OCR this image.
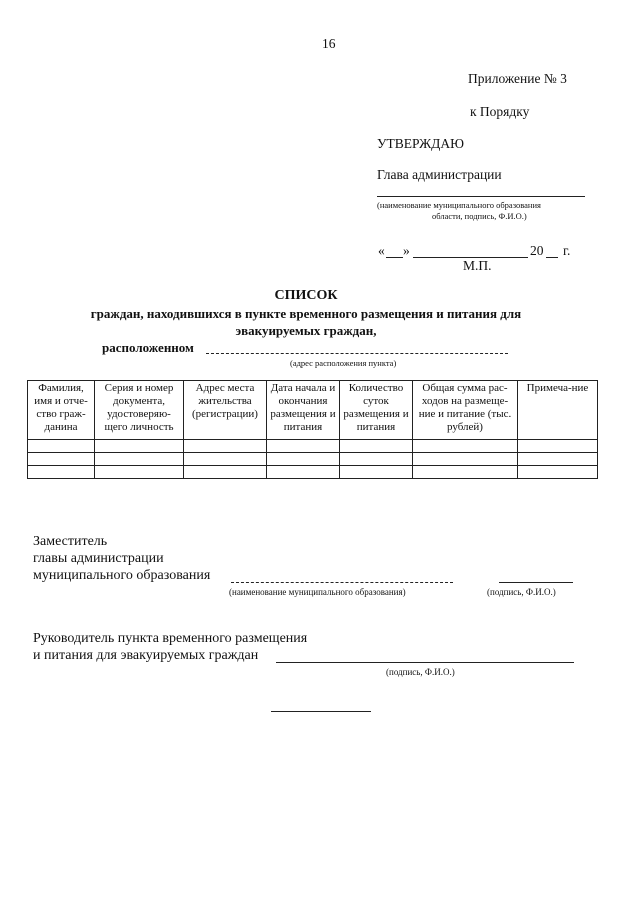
16
Приложение № 3
к Порядку
УТВЕРЖДАЮ
Глава администрации
(наименование муниципального образования
области, подпись, Ф.И.О.)
« »	20 г.
М.П.
СПИСОК
граждан, находившихся в пункте временного размещения и питания для
эвакуируемых граждан,
расположенном
(адрес расположения пункта)
Фамилия, имя и отче-ство граж-данина	Серия и номер документа, удостоверяю-щего личность	Адрес места жительства (регистрации)	Дата начала и окончания размещения и питания	Количество суток размещения и питания	Общая сумма рас-ходов на размеще-ние и питание (тыс. рублей)	Примеча-ние

Заместитель
главы администрации
муниципального образования
(наименование муниципального образования)	(подпись, Ф.И.О.)
Руководитель пункта временного размещения
и питания для эвакуируемых граждан
(подпись, Ф.И.О.)
